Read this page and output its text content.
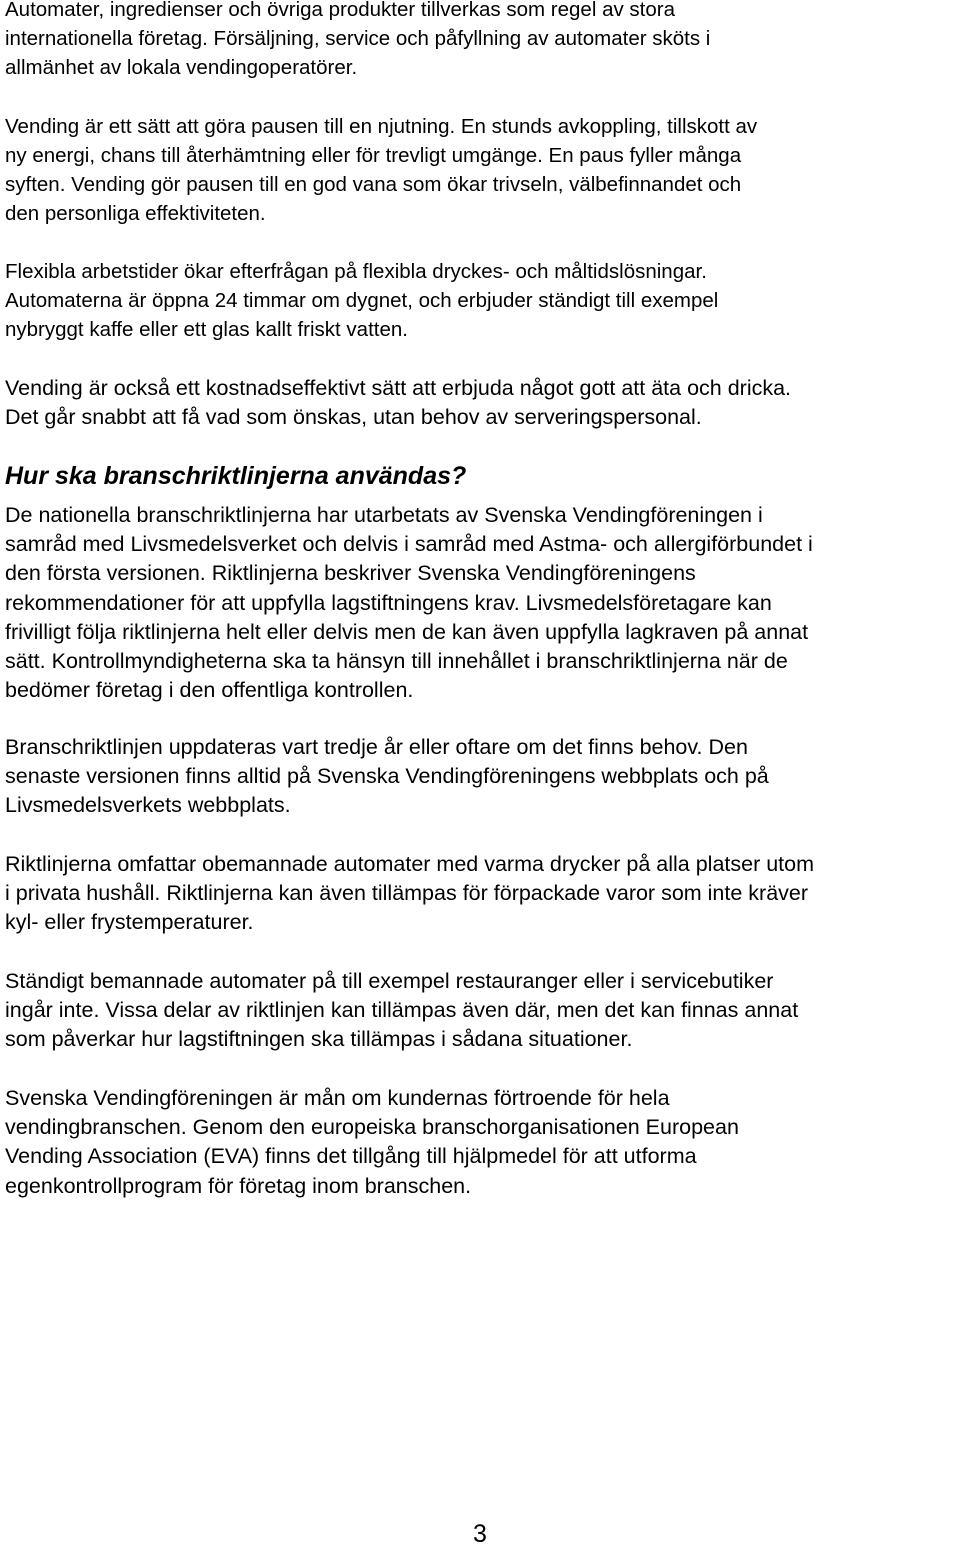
Automater, ingredienser och övriga produkter tillverkas som regel av stora
internationella företag. Försäljning, service och påfyllning av automater sköts i
allmänhet av lokala vendingoperatörer.

Vending är ett sätt att göra pausen till en njutning. En stunds avkoppling, tillskott av
ny energi, chans till återhämtning eller för trevligt umgänge. En paus fyller många
syften. Vending gör pausen till en god vana som ökar trivseln, välbefinnandet och
den personliga effektiviteten.

Flexibla arbetstider ökar efterfrågan på flexibla dryckes- och måltidslösningar.
Automaterna är öppna 24 timmar om dygnet, och erbjuder ständigt till exempel
nybryggt kaffe eller ett glas kallt friskt vatten.

Vending är också ett kostnadseffektivt sätt att erbjuda något gott att äta och dricka.
Det går snabbt att få vad som önskas, utan behov av serveringspersonal.

Hur ska branschriktlinjerna användas?

De nationella branschriktlinjerna har utarbetats av Svenska Vendingföreningen i
samråd med Livsmedelsverket och delvis i samråd med Astma- och allergiförbundet i
den första versionen. Riktlinjerna beskriver Svenska Vendingföreningens
rekommendationer för att uppfylla lagstiftningens krav. Livsmedelsföretagare kan
frivilligt följa riktlinjerna helt eller delvis men de kan även uppfylla lagkraven på annat
sätt. Kontrollmyndigheterna ska ta hänsyn till innehållet i branschriktlinjerna när de
bedömer företag i den offentliga kontrollen.

Branschriktlinjen uppdateras vart tredje år eller oftare om det finns behov. Den
senaste versionen finns alltid på Svenska Vendingföreningens webbplats och på
Livsmedelsverkets webbplats.

Riktlinjerna omfattar obemannade automater med varma drycker på alla platser utom
i privata hushåll. Riktlinjerna kan även tillämpas för förpackade varor som inte kräver
kyl- eller frystemperaturer.

Ständigt bemannade automater på till exempel restauranger eller i servicebutiker
ingår inte. Vissa delar av riktlinjen kan tillämpas även där, men det kan finnas annat
som påverkar hur lagstiftningen ska tillämpas i sådana situationer.

Svenska Vendingföreningen är mån om kundernas förtroende för hela
vendingbranschen. Genom den europeiska branschorganisationen European
Vending Association (EVA) finns det tillgång till hjälpmedel för att utforma
egenkontrollprogram för företag inom branschen.

3
